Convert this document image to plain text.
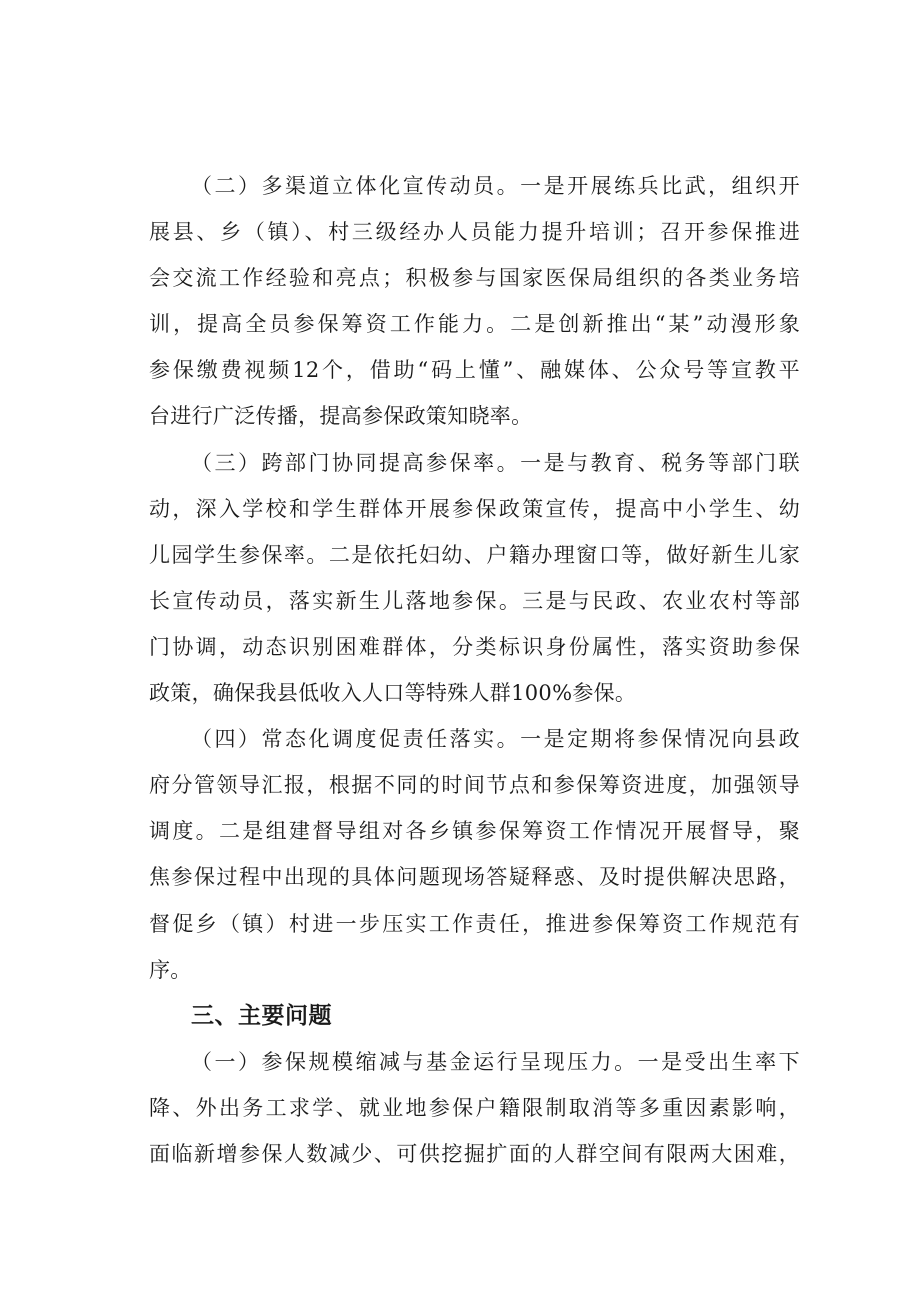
（二）多渠道立体化宣传动员。一是开展练兵比武，组织开
展县、乡（镇）、村三级经办人员能力提升培训；召开参保推进
会交流工作经验和亮点；积极参与国家医保局组织的各类业务培
训，提高全员参保筹资工作能力。二是创新推出“某”动漫形象
参保缴费视频12个，借助“码上懂”、融媒体、公众号等宣教平
台进行广泛传播，提高参保政策知晓率。
（三）跨部门协同提高参保率。一是与教育、税务等部门联
动，深入学校和学生群体开展参保政策宣传，提高中小学生、幼
儿园学生参保率。二是依托妇幼、户籍办理窗口等，做好新生儿家
长宣传动员，落实新生儿落地参保。三是与民政、农业农村等部
门协调，动态识别困难群体，分类标识身份属性，落实资助参保
政策，确保我县低收入人口等特殊人群100%参保。
（四）常态化调度促责任落实。一是定期将参保情况向县政
府分管领导汇报，根据不同的时间节点和参保筹资进度，加强领导
调度。二是组建督导组对各乡镇参保筹资工作情况开展督导，聚
焦参保过程中出现的具体问题现场答疑释惑、及时提供解决思路，
督促乡（镇）村进一步压实工作责任，推进参保筹资工作规范有
序。
三、主要问题
（一）参保规模缩减与基金运行呈现压力。一是受出生率下
降、外出务工求学、就业地参保户籍限制取消等多重因素影响，
面临新增参保人数减少、可供挖掘扩面的人群空间有限两大困难，
